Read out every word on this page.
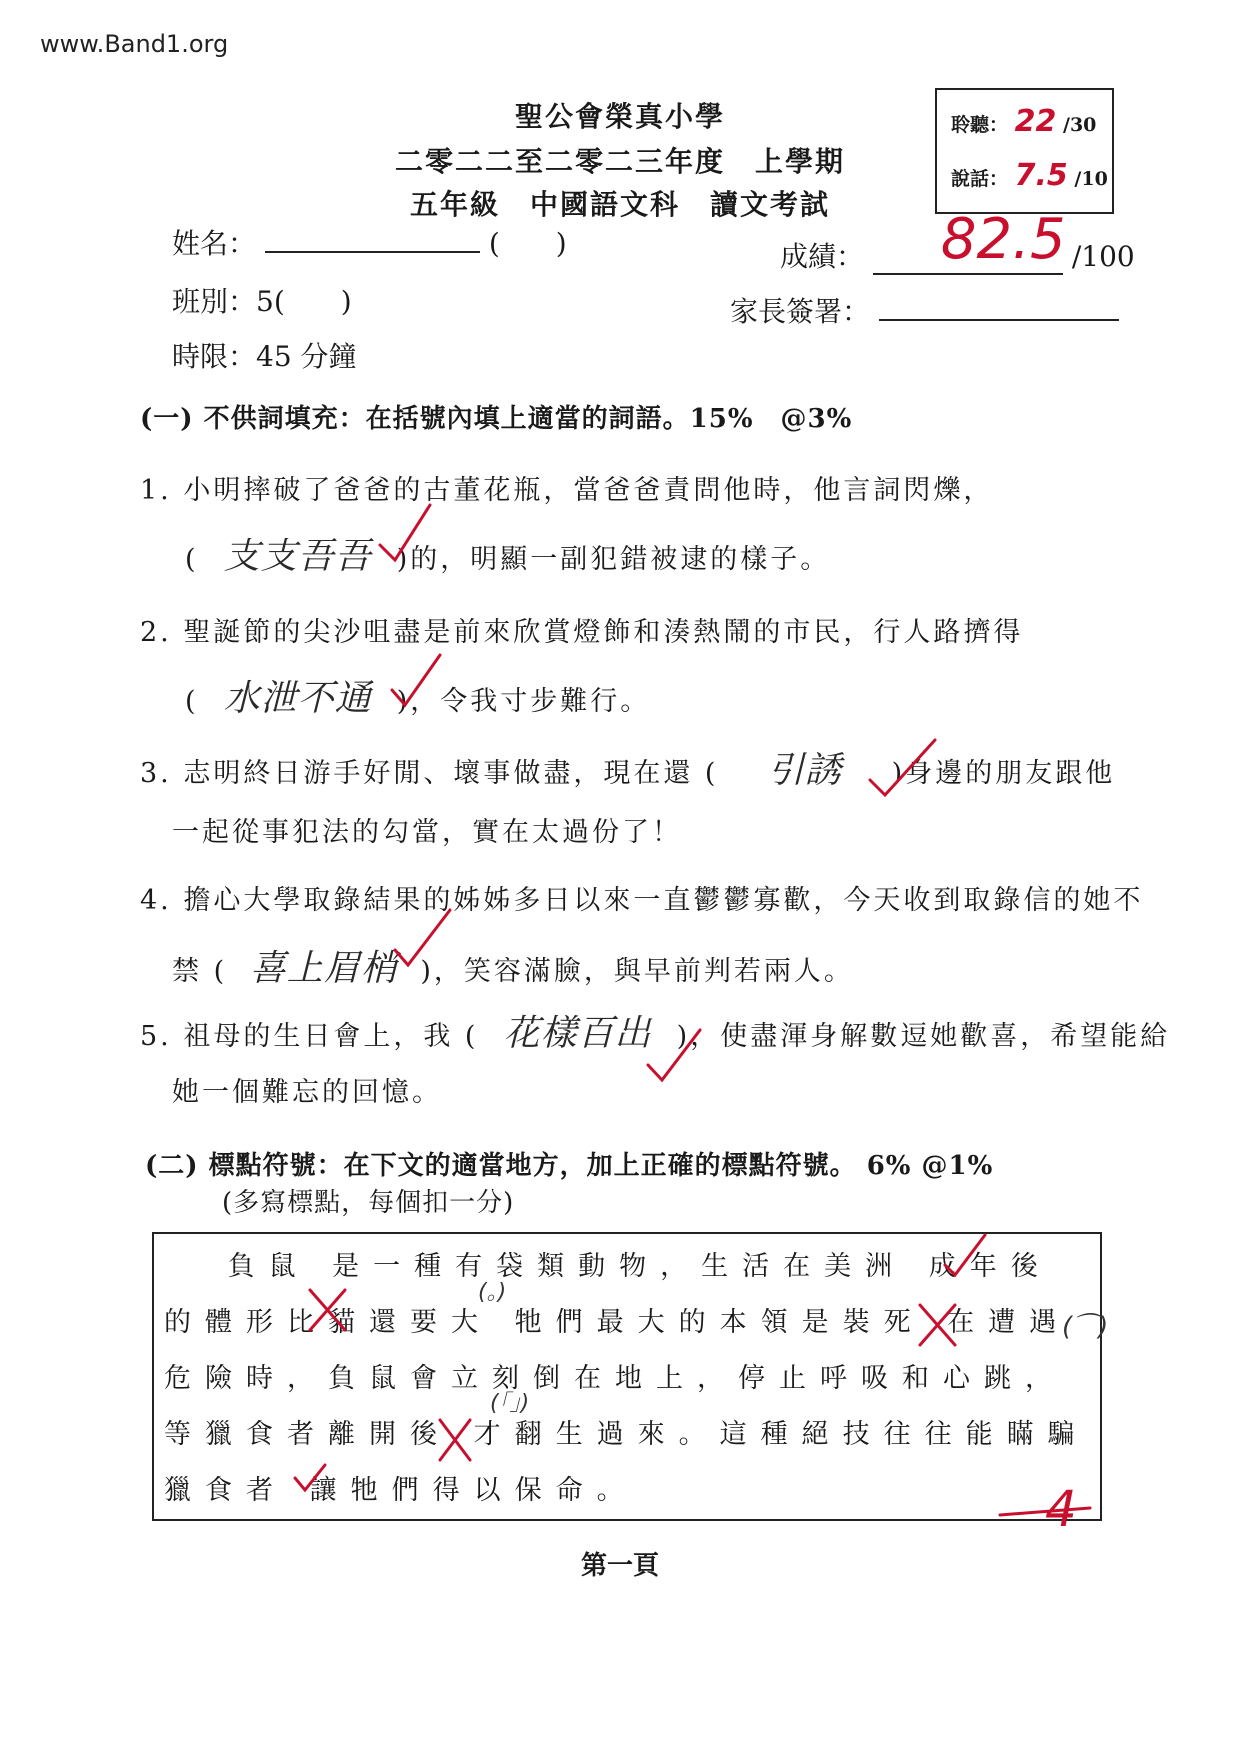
www.Band1.org
聖公會榮真小學
二零二二至二零二三年度　上學期
五年級　中國語文科　讀文考試
聆聽： 22 /30
說話： 7.5 /10
姓名：	(　　)	成績： 82.5 /100
班別：5(　　)	家長簽署：
時限：45 分鐘
(一) 不供詞填充：在括號內填上適當的詞語。15%　@3%
1. 小明摔破了爸爸的古董花瓶，當爸爸責問他時，他言詞閃爍，
( 支支吾吾 )的，明顯一副犯錯被逮的樣子。
2. 聖誕節的尖沙咀盡是前來欣賞燈飾和湊熱鬧的市民，行人路擠得
( 水泄不通 )，令我寸步難行。
3. 志明終日游手好閒、壞事做盡，現在還 ( 引誘 )身邊的朋友跟他
一起從事犯法的勾當，實在太過份了！
4. 擔心大學取錄結果的姊姊多日以來一直鬱鬱寡歡，今天收到取錄信的她不
禁 ( 喜上眉梢 )，笑容滿臉，與早前判若兩人。
5. 祖母的生日會上，我 ( 花樣百出 )，使盡渾身解數逗她歡喜，希望能給
她一個難忘的回憶。
(二) 標點符號：在下文的適當地方，加上正確的標點符號。 6% @1%
(多寫標點，每個扣一分)
　 負鼠 是一種有袋類動物，生活在美洲 成年後
的體形比貓還要大 牠們最大的本領是裝死 在遭遇
危險時，負鼠會立刻倒在地上，停止呼吸和心跳，
等獵食者離開後 才翻生過來。這種絕技往往能瞞騙
獵食者 讓牠們得以保命。
(。)
(「」)
(⌒)
4
第一頁
